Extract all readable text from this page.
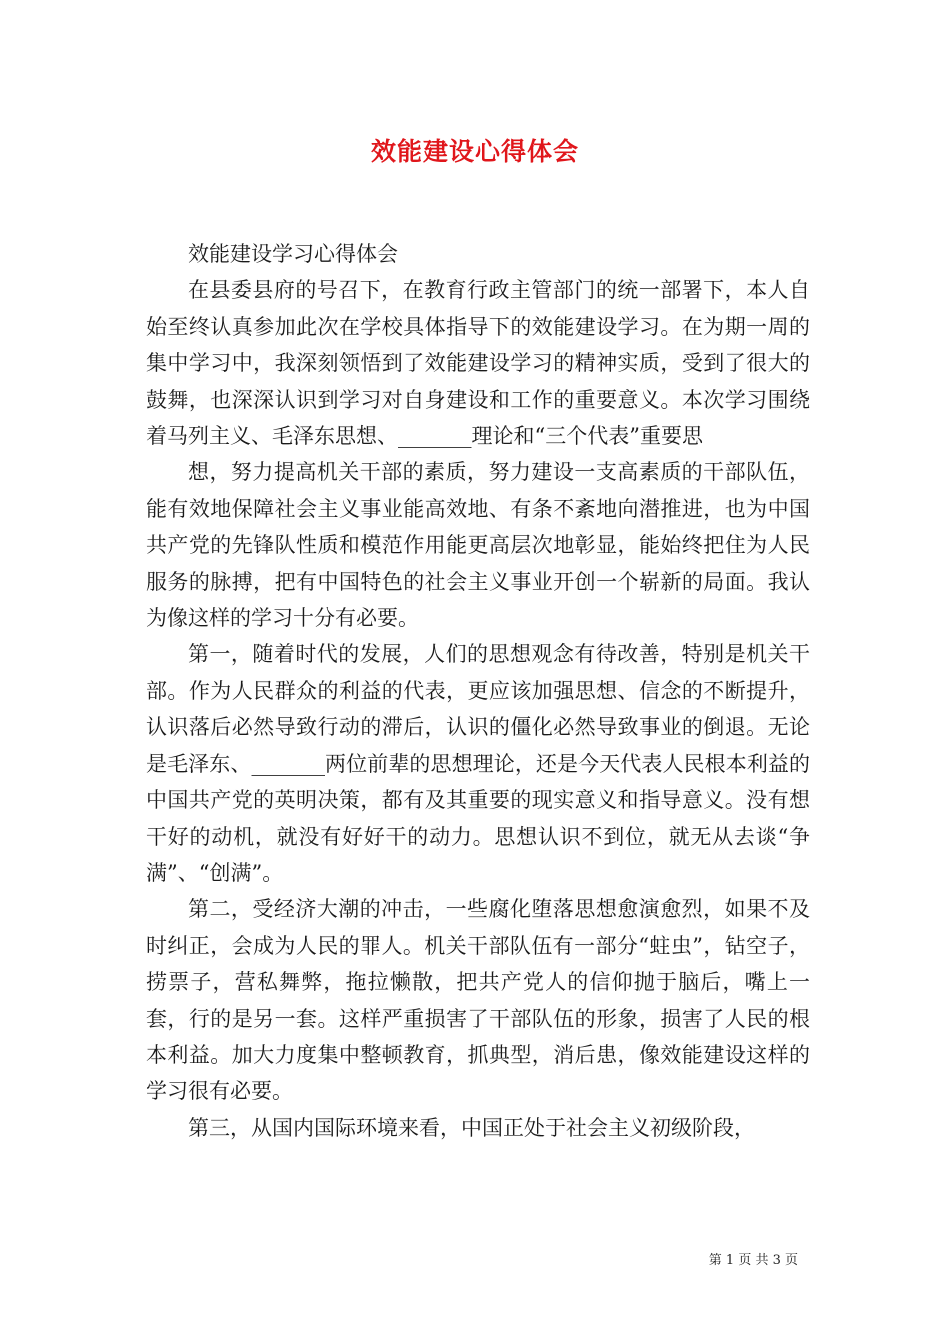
效能建设心得体会

效能建设学习心得体会

在县委县府的号召下，在教育行政主管部门的统一部署下，本人自始至终认真参加此次在学校具体指导下的效能建设学习。在为期一周的集中学习中，我深刻领悟到了效能建设学习的精神实质，受到了很大的鼓舞，也深深认识到学习对自身建设和工作的重要意义。本次学习围绕着马列主义、毛泽东思想、_______理论和“三个代表”重要思

想，努力提高机关干部的素质，努力建设一支高素质的干部队伍，能有效地保障社会主义事业能高效地、有条不紊地向潜推进，也为中国共产党的先锋队性质和模范作用能更高层次地彰显，能始终把住为人民服务的脉搏，把有中国特色的社会主义事业开创一个崭新的局面。我认为像这样的学习十分有必要。

第一，随着时代的发展，人们的思想观念有待改善，特别是机关干部。作为人民群众的利益的代表，更应该加强思想、信念的不断提升，认识落后必然导致行动的滞后，认识的僵化必然导致事业的倒退。无论是毛泽东、_______两位前辈的思想理论，还是今天代表人民根本利益的中国共产党的英明决策，都有及其重要的现实意义和指导意义。没有想干好的动机，就没有好好干的动力。思想认识不到位，就无从去谈“争满”、“创满”。

第二，受经济大潮的冲击，一些腐化堕落思想愈演愈烈，如果不及时纠正，会成为人民的罪人。机关干部队伍有一部分“蛀虫”，钻空子，捞票子，营私舞弊，拖拉懒散，把共产党人的信仰抛于脑后，嘴上一套，行的是另一套。这样严重损害了干部队伍的形象，损害了人民的根本利益。加大力度集中整顿教育，抓典型，消后患，像效能建设这样的学习很有必要。

第三，从国内国际环境来看，中国正处于社会主义初级阶段，

第 1 页 共 3 页
